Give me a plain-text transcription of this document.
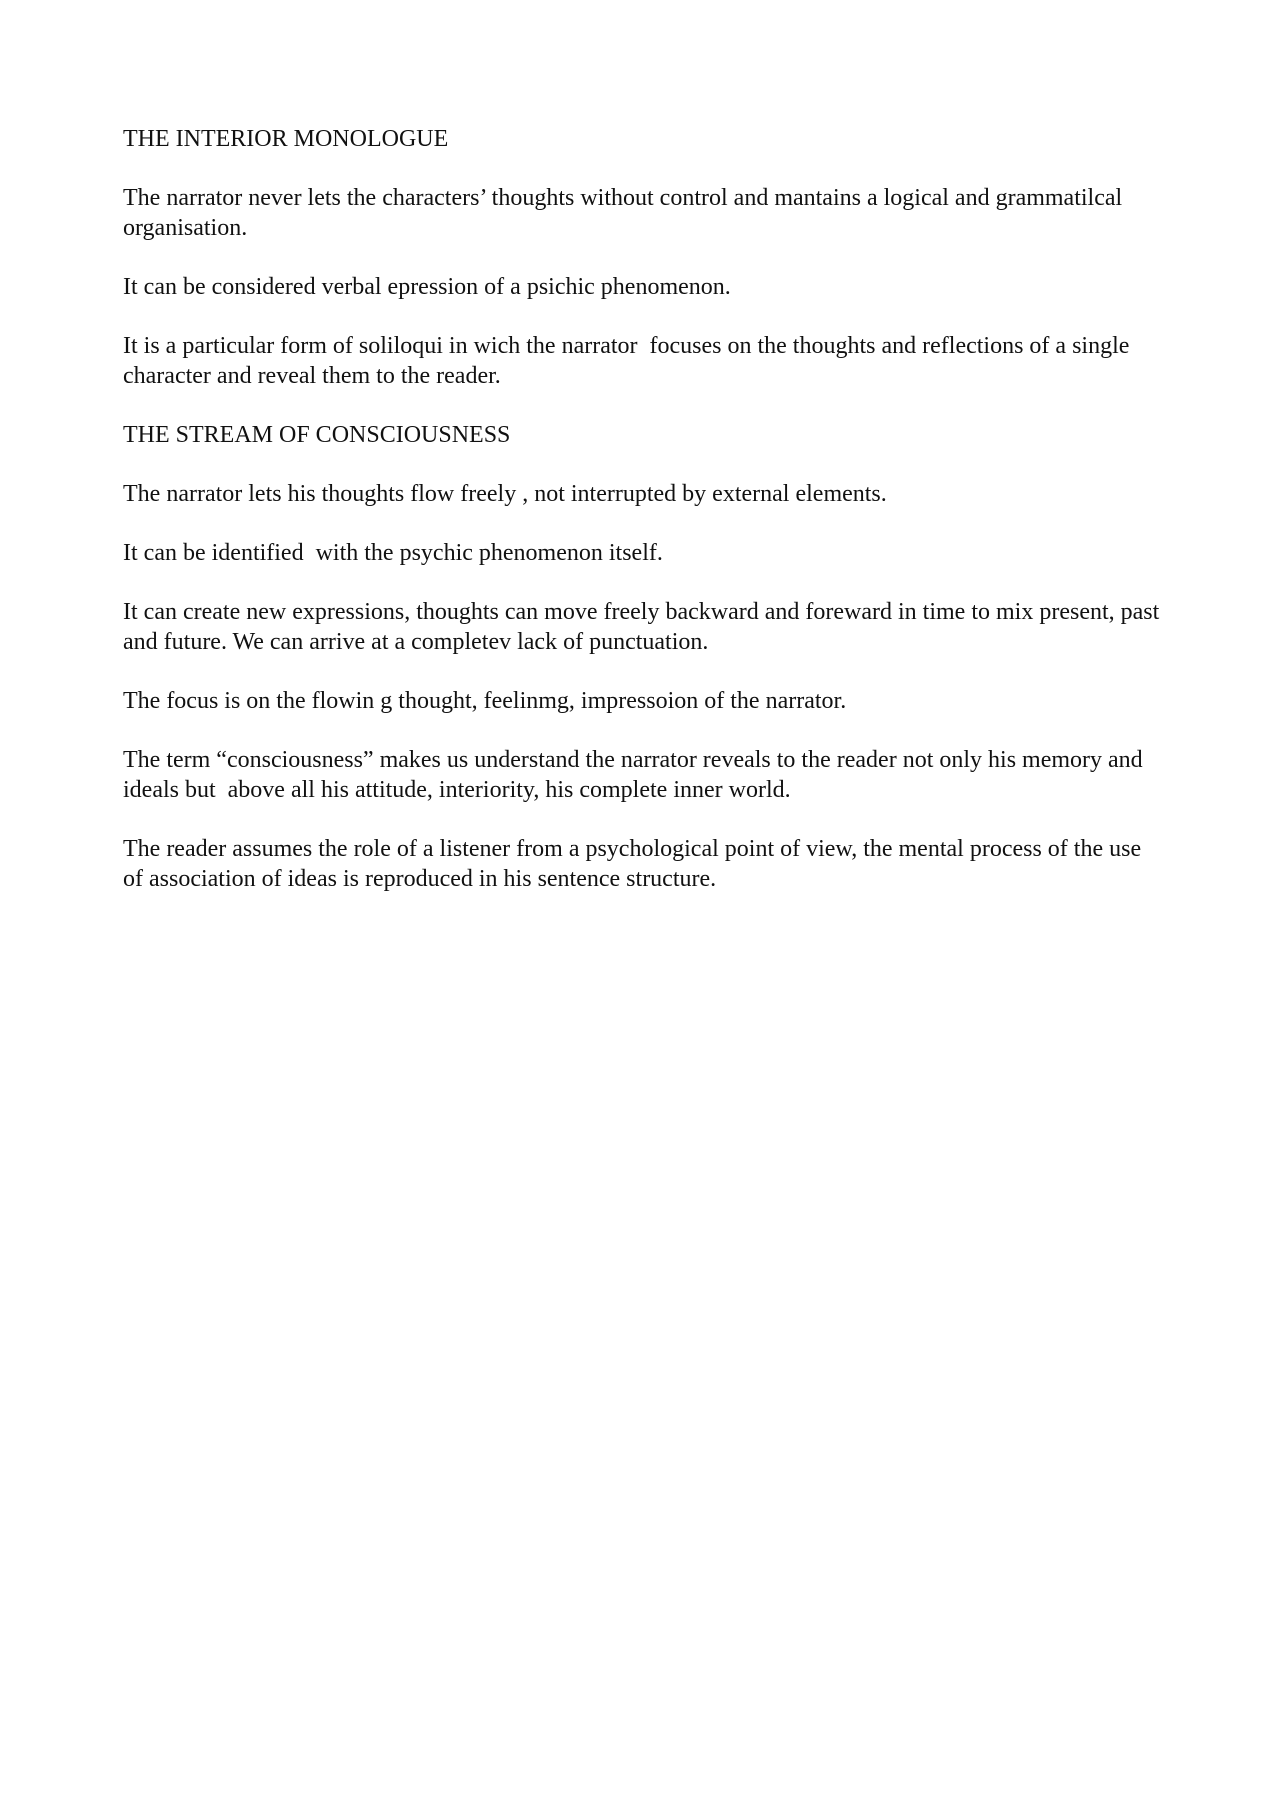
THE INTERIOR MONOLOGUE

The narrator never lets the characters’ thoughts without control and mantains a logical and grammatilcal organisation.

It can be considered verbal epression of a psichic phenomenon.

It is a particular form of soliloqui in wich the narrator  focuses on the thoughts and reflections of a single character and reveal them to the reader.

THE STREAM OF CONSCIOUSNESS

The narrator lets his thoughts flow freely , not interrupted by external elements.

It can be identified  with the psychic phenomenon itself.

It can create new expressions, thoughts can move freely backward and foreward in time to mix present, past and future. We can arrive at a completev lack of punctuation.

The focus is on the flowin g thought, feelinmg, impressoion of the narrator.

The term “consciousness” makes us understand the narrator reveals to the reader not only his memory and ideals but  above all his attitude, interiority, his complete inner world.

The reader assumes the role of a listener from a psychological point of view, the mental process of the use of association of ideas is reproduced in his sentence structure.
